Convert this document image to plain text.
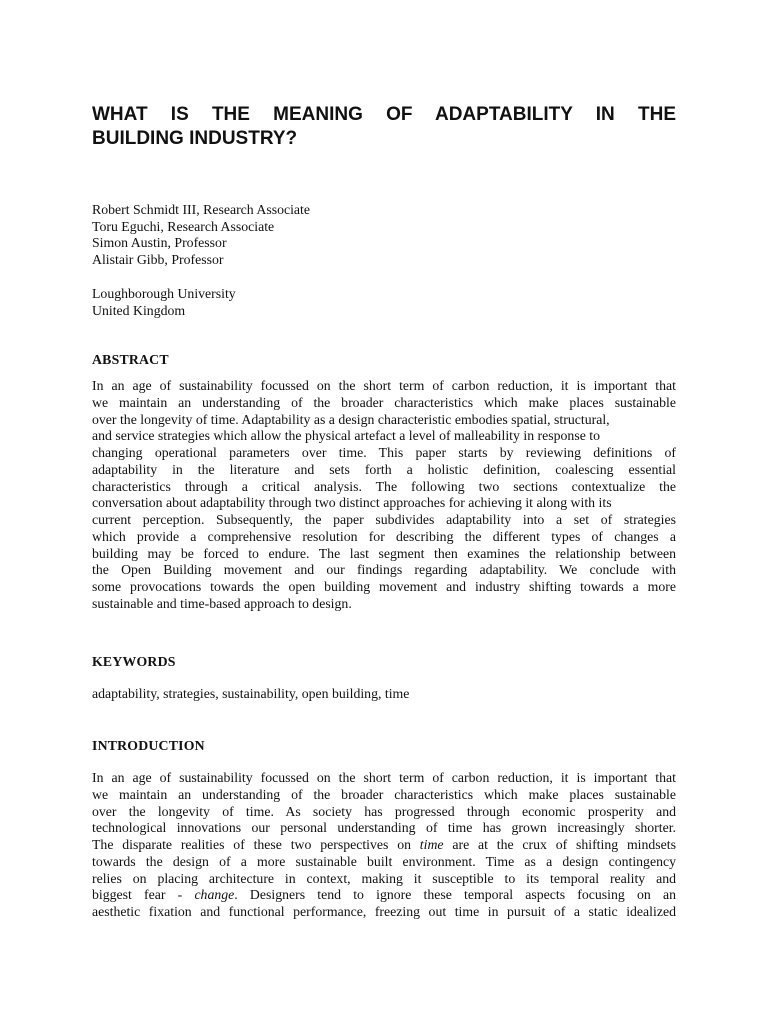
WHAT IS THE MEANING OF ADAPTABILITY IN THE
BUILDING INDUSTRY?
Robert Schmidt III, Research Associate
Toru Eguchi, Research Associate
Simon Austin, Professor
Alistair Gibb, Professor
Loughborough University
United Kingdom
ABSTRACT

In an age of sustainability focussed on the short term of carbon reduction, it is important that
we maintain an understanding of the broader characteristics which make places sustainable
over the longevity of time. Adaptability as a design characteristic embodies spatial, structural,
and service strategies which allow the physical artefact a level of malleability in response to
changing operational parameters over time. This paper starts by reviewing definitions of
adaptability in the literature and sets forth a holistic definition, coalescing essential
characteristics through a critical analysis. The following two sections contextualize the
conversation about adaptability through two distinct approaches for achieving it along with its
current perception. Subsequently, the paper subdivides adaptability into a set of strategies
which provide a comprehensive resolution for describing the different types of changes a
building may be forced to endure. The last segment then examines the relationship between
the Open Building movement and our findings regarding adaptability. We conclude with
some provocations towards the open building movement and industry shifting towards a more
sustainable and time-based approach to design.

KEYWORDS

adaptability, strategies, sustainability, open building, time

INTRODUCTION

In an age of sustainability focussed on the short term of carbon reduction, it is important that
we maintain an understanding of the broader characteristics which make places sustainable
over the longevity of time. As society has progressed through economic prosperity and
technological innovations our personal understanding of time has grown increasingly shorter.
The disparate realities of these two perspectives on time are at the crux of shifting mindsets
towards the design of a more sustainable built environment. Time as a design contingency
relies on placing architecture in context, making it susceptible to its temporal reality and
biggest fear - change. Designers tend to ignore these temporal aspects focusing on an
aesthetic fixation and functional performance, freezing out time in pursuit of a static idealized
